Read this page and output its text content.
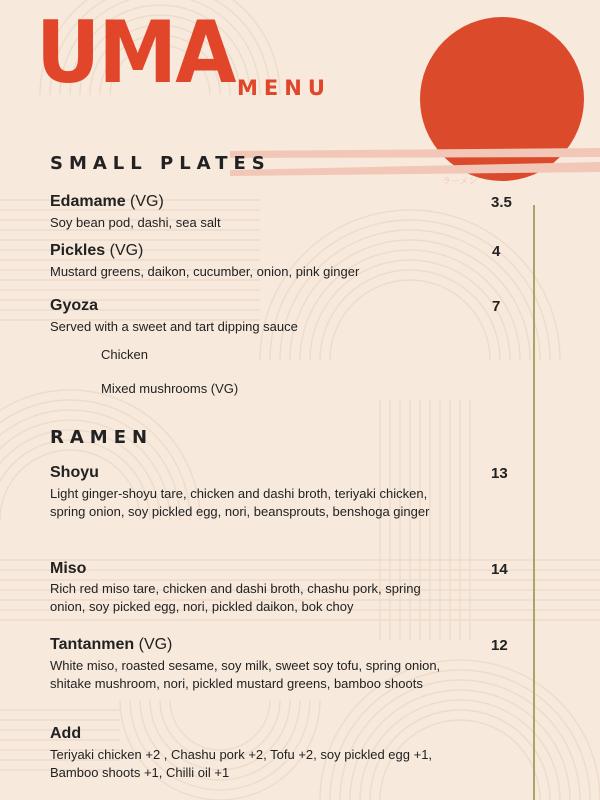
ラーメン
UMA MENU
SMALL PLATES
Edamame (VG)	3.5
Soy bean pod, dashi, sea salt
Pickles (VG)	4
Mustard greens, daikon, cucumber, onion, pink ginger
Gyoza	7
Served with a sweet and tart dipping sauce
Chicken
Mixed mushrooms (VG)
RAMEN
Shoyu	13
Light ginger-shoyu tare, chicken and dashi broth, teriyaki chicken, spring onion, soy pickled egg, nori, beansprouts, benshoga ginger
Miso	14
Rich red miso tare, chicken and dashi broth, chashu pork, spring onion, soy picked egg, nori, pickled daikon, bok choy
Tantanmen (VG)	12
White miso, roasted sesame, soy milk, sweet soy tofu, spring onion, shitake mushroom, nori, pickled mustard greens, bamboo shoots
Add
Teriyaki chicken +2 , Chashu pork +2, Tofu +2, soy pickled egg +1, Bamboo shoots +1, Chilli oil +1
